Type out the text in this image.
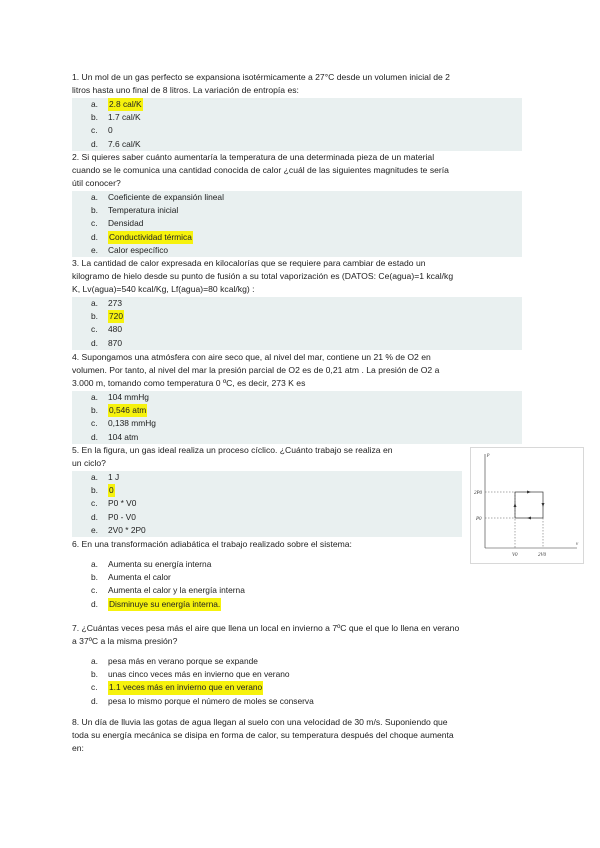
1. Un mol de un gas perfecto se expansiona isotérmicamente a 27°C desde un volumen inicial de 2
litros hasta uno final de 8 litros. La variación de entropía es:
a. 2.8 cal/K
b. 1.7 cal/K
c. 0
d. 7.6 cal/K
2. Si quieres saber cuánto aumentaría la temperatura de una determinada pieza de un material
cuando se le comunica una cantidad conocida de calor ¿cuál de las siguientes magnitudes te sería
útil conocer?
a. Coeficiente de expansión lineal
b. Temperatura inicial
c. Densidad
d. Conductividad térmica
e. Calor específico
3. La cantidad de calor expresada en kilocalorías que se requiere para cambiar de estado un
kilogramo de hielo desde su punto de fusión a su total vaporización es (DATOS: Ce(agua)=1 kcal/kg
K, Lv(agua)=540 kcal/Kg, Lf(agua)=80 kcal/kg) :
a. 273
b. 720
c. 480
d. 870
4. Supongamos una atmósfera con aire seco que, al nivel del mar, contiene un 21 % de O2 en
volumen. Por tanto, al nivel del mar la presión parcial de O2 es de 0,21 atm . La presión de O2 a
3.000 m, tomando como temperatura 0 ºC, es decir, 273 K es
a. 104 mmHg
b. 0,546 atm
c. 0,138 mmHg
d. 104 atm
5. En la figura, un gas ideal realiza un proceso cíclico. ¿Cuánto trabajo se realiza en
un ciclo?
a. 1 J
b. 0
c. P0 * V0
d. P0 - V0
e. 2V0 * 2P0
p
v
2P0
P0
V0	2V0
6. En una transformación adiabática el trabajo realizado sobre el sistema:
a. Aumenta su energía interna
b. Aumenta el calor
c. Aumenta el calor y la energía interna
d. Disminuye su energía interna.
7. ¿Cuántas veces pesa más el aire que llena un local en invierno a 7ºC que el que lo llena en verano
a 37ºC a la misma presión?
a. pesa más en verano porque se expande
b. unas cinco veces más en invierno que en verano
c. 1.1 veces más en invierno que en verano
d. pesa lo mismo porque el número de moles se conserva
8. Un día de lluvia las gotas de agua llegan al suelo con una velocidad de 30 m/s. Suponiendo que
toda su energía mecánica se disipa en forma de calor, su temperatura después del choque aumenta
en:
